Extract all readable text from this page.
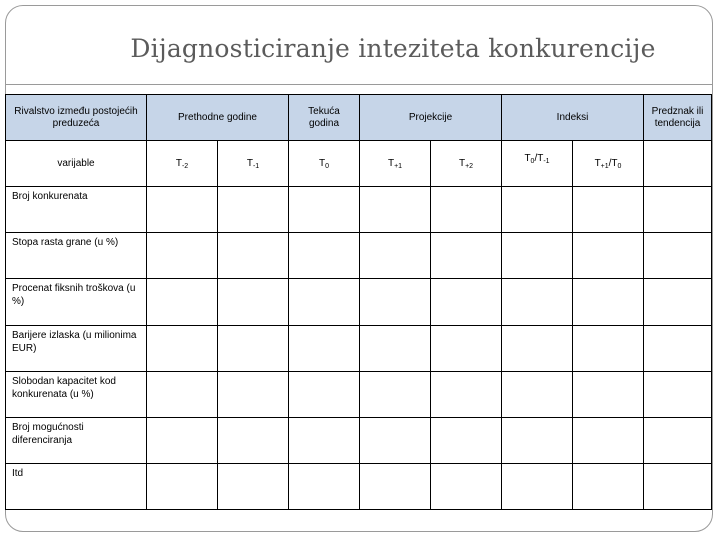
Dijagnosticiranje inteziteta konkurencije
Rivalstvo između postojećih preduzeća	Prethodne godine		Tekuća godina	Projekcije		Indeksi		Predznak ili tendencija
varijable	$T_{-2}$	$T_{-1}$	$T_0$	$T_{+1}$	$T_{+2}$	$T_0/T_{-1}$	$T_{+1}/T_0$	
Broj konkurenata								
Stopa rasta grane (u %)								
Procenat fiksnih troškova (u %)								
Barijere izlaska (u milionima EUR)								
Slobodan kapacitet kod konkurenata (u %)								
Broj mogućnosti diferenciranja								
Itd								
